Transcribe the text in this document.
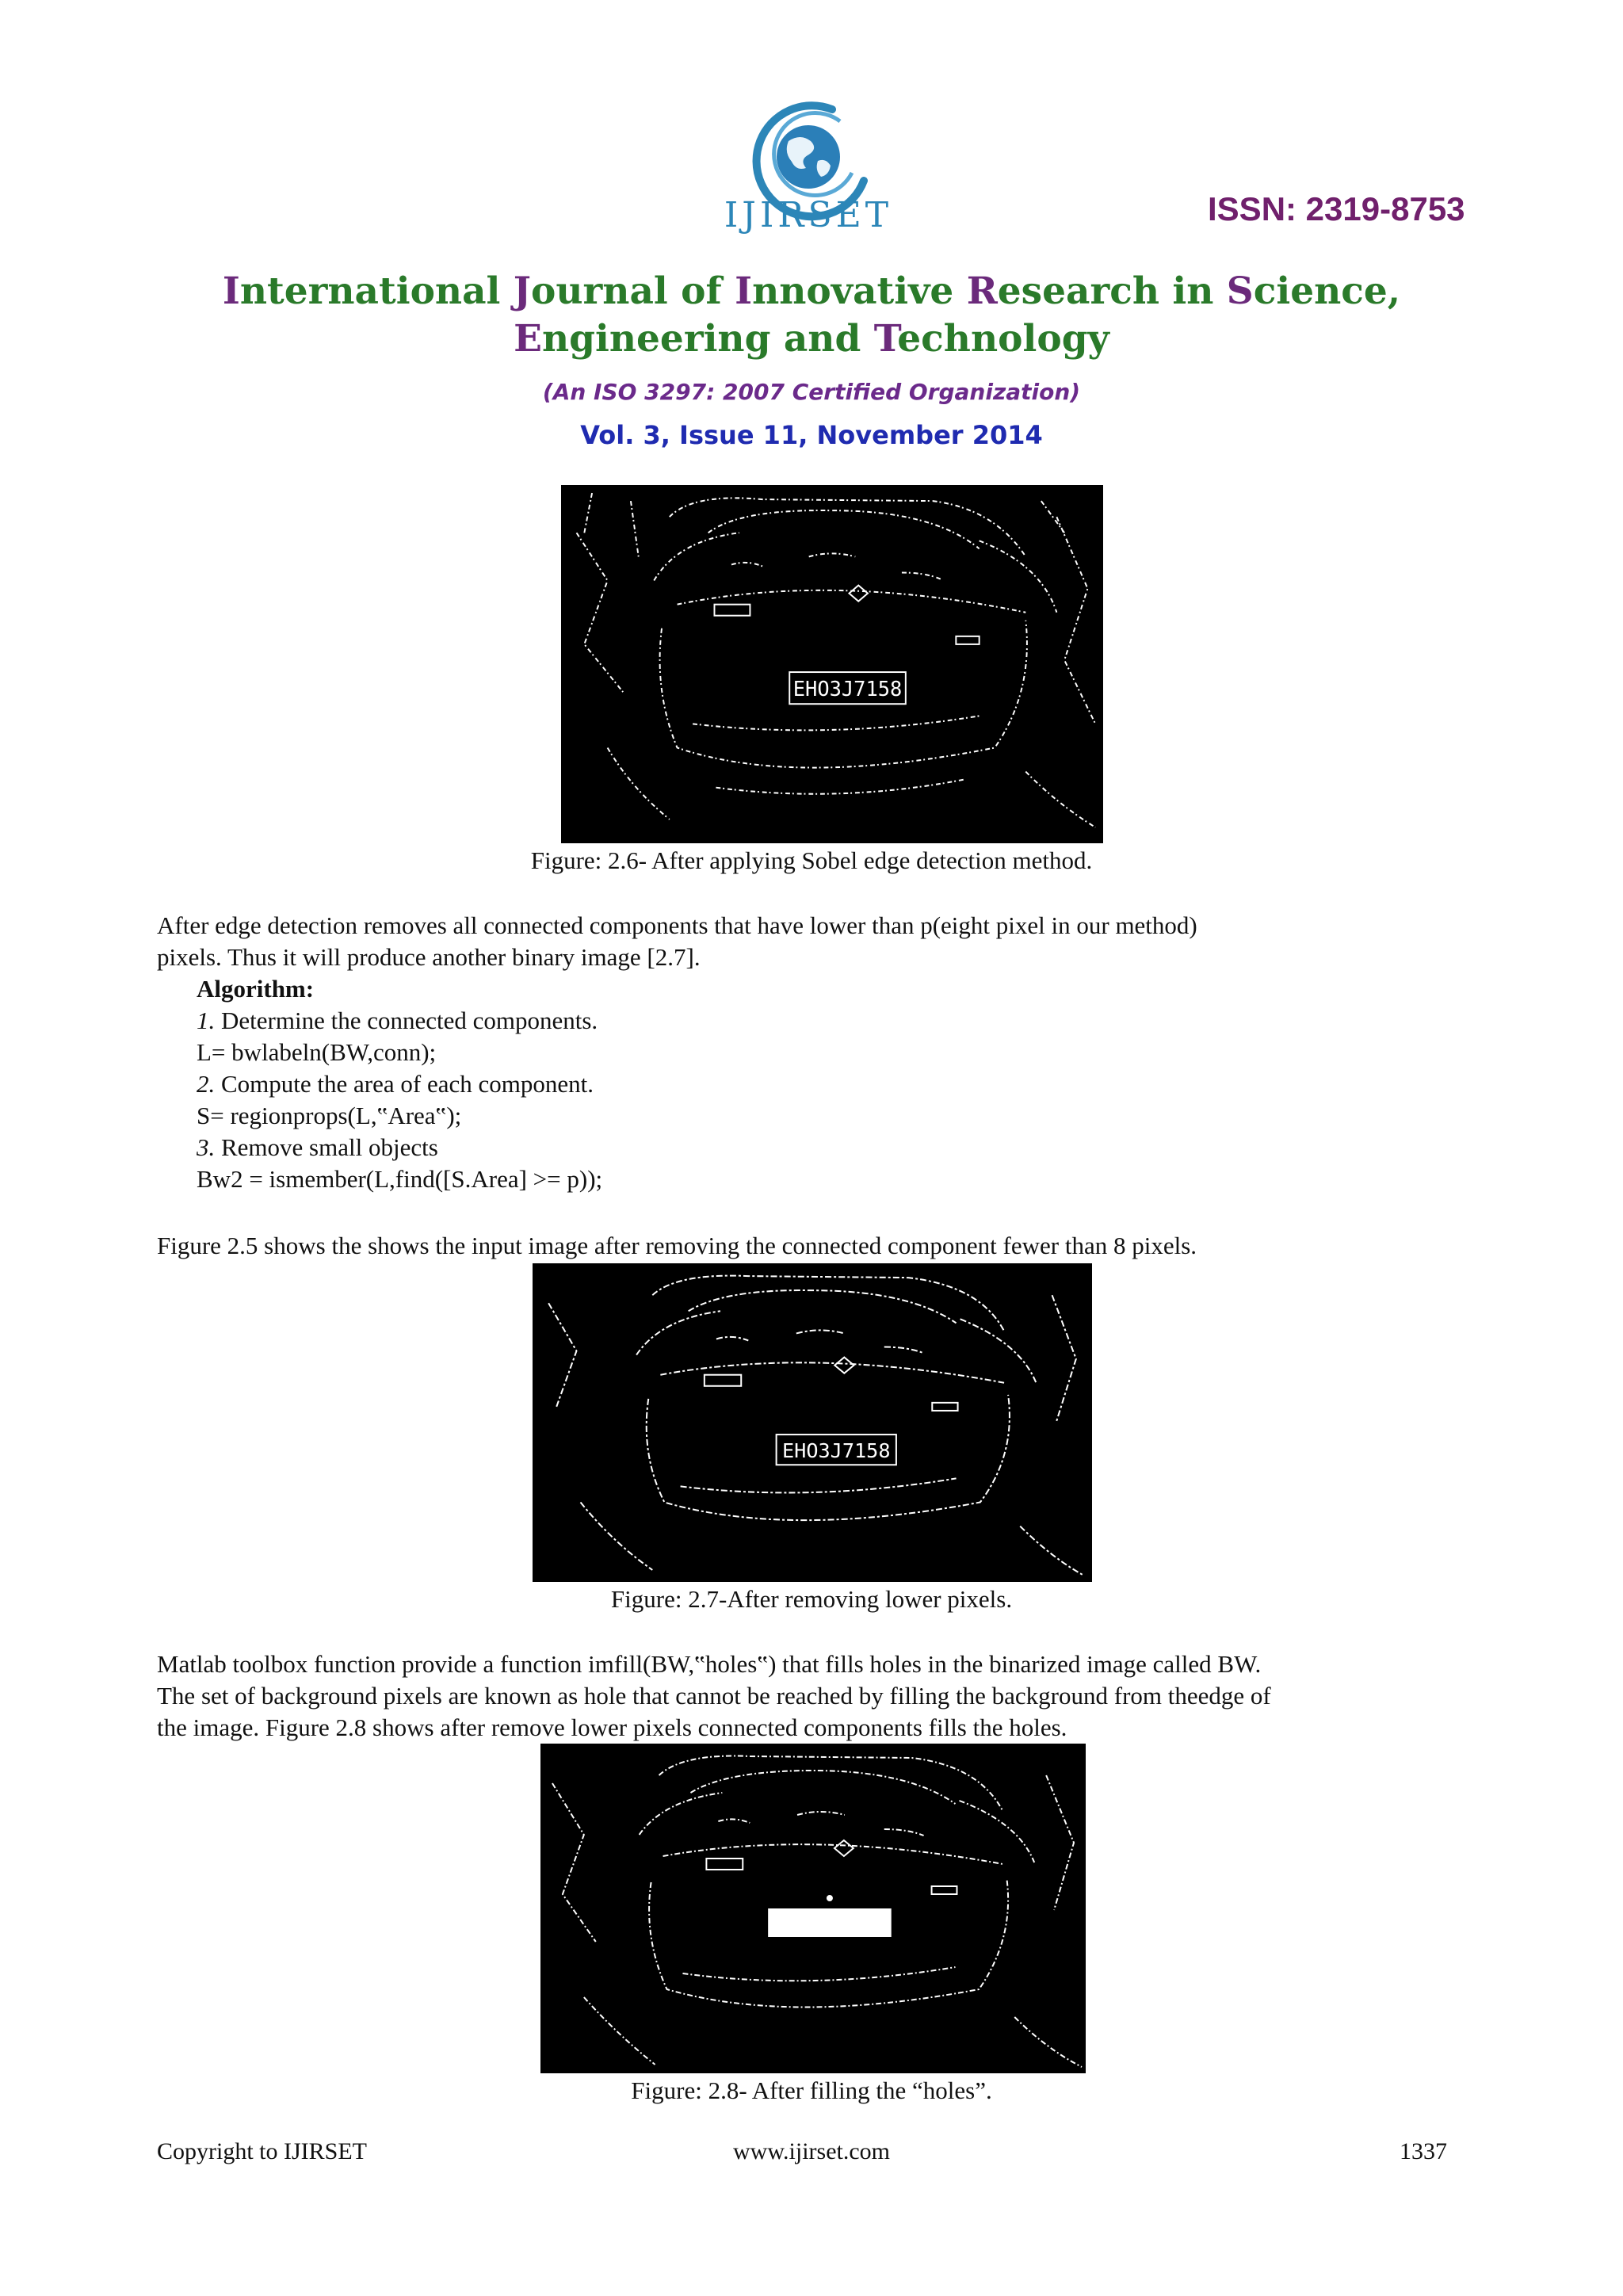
IJIRSET	ISSN: 2319-8753
International Journal of Innovative Research in Science,
Engineering and Technology
(An ISO 3297: 2007 Certified Organization)
Vol. 3, Issue 11, November 2014
EHO3J7158
Figure: 2.6- After applying Sobel edge detection method.
After edge detection removes all connected components that have lower than p(eight pixel in our method)
pixels. Thus it will produce another binary image [2.7].
Algorithm:
1. Determine the connected components.
L= bwlabeln(BW,conn);
2. Compute the area of each component.
S= regionprops(L,‟Area‟);
3. Remove small objects
Bw2 = ismember(L,find([S.Area] >= p));
Figure 2.5 shows the shows the input image after removing the connected component fewer than 8 pixels.
EHO3J7158
Figure: 2.7-After removing lower pixels.
Matlab toolbox function provide a function imfill(BW,‟holes‟) that fills holes in the binarized image called BW.
The set of background pixels are known as hole that cannot be reached by filling the background from theedge of
the image. Figure 2.8 shows after remove lower pixels connected components fills the holes.
Figure: 2.8- After filling the “holes”.
Copyright to IJIRSET	www.ijirset.com	1337
